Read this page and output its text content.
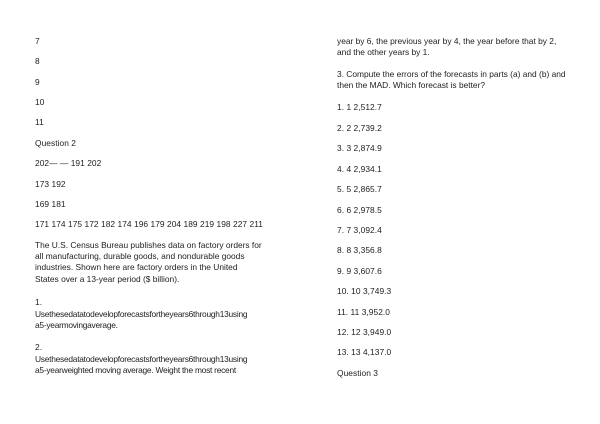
7
8
9
10
11
Question 2
202— — 191 202
173 192
169 181
171 174 175 172 182 174 196 179 204 189 219 198 227 211
The U.S. Census Bureau publishes data on factory orders for
all manufacturing, durable goods, and nondurable goods
industries. Shown here are factory orders in the United
States over a 13-year period ($ billion).
1.
Usethesedatatodevelopforecastsfortheyears6through13using
a5-yearmovingaverage.
2.
Usethesedatatodevelopforecastsfortheyears6through13using
a5-yearweighted moving average. Weight the most recent
year by 6, the previous year by 4, the year before that by 2,
and the other years by 1.
3. Compute the errors of the forecasts in parts (a) and (b) and
then the MAD. Which forecast is better?
1. 1 2,512.7
2. 2 2,739.2
3. 3 2,874.9
4. 4 2,934.1
5. 5 2,865.7
6. 6 2,978.5
7. 7 3,092.4
8. 8 3,356.8
9. 9 3,607.6
10. 10 3,749.3
11. 11 3,952.0
12. 12 3,949.0
13. 13 4,137.0
Question 3
